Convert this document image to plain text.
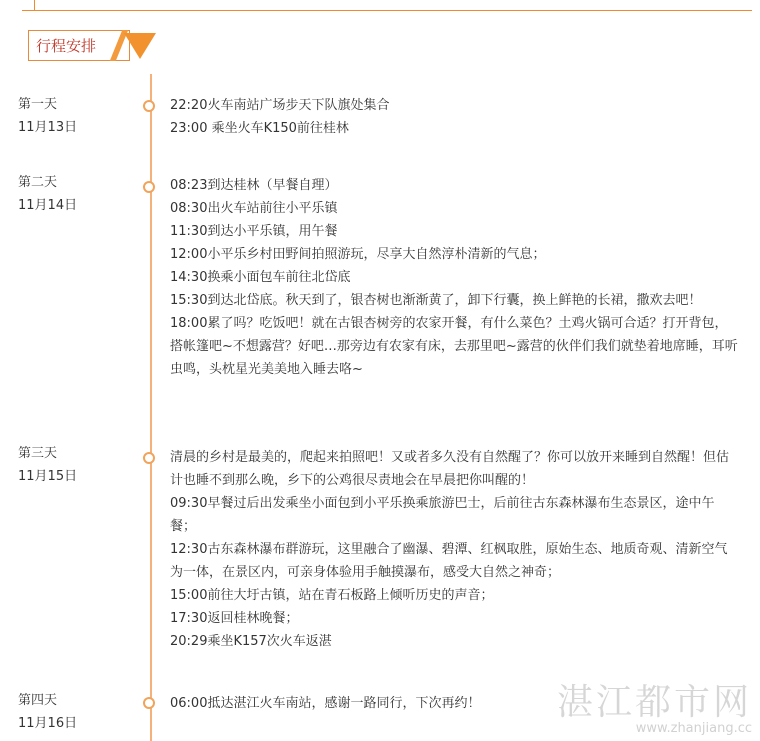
行程安排
第一天
11月13日
22:20火车南站广场步天下队旗处集合
23:00 乘坐火车K150前往桂林
第二天
11月14日
08:23到达桂林（早餐自理）
08:30出火车站前往小平乐镇
11:30到达小平乐镇，用午餐
12:00小平乐乡村田野间拍照游玩，尽享大自然淳朴清新的气息；
14:30换乘小面包车前往北岱底
15:30到达北岱底。秋天到了，银杏树也渐渐黄了，卸下行囊，换上鲜艳的长裙，撒欢去吧！
18:00累了吗？吃饭吧！就在古银杏树旁的农家开餐，有什么菜色？土鸡火锅可合适？打开背包，搭帐篷吧~不想露营？好吧…那旁边有农家有床，去那里吧~露营的伙伴们我们就垫着地席睡，耳听虫鸣，头枕星光美美地入睡去咯~
第三天
11月15日
清晨的乡村是最美的，爬起来拍照吧！又或者多久没有自然醒了？你可以放开来睡到自然醒！但估计也睡不到那么晚，乡下的公鸡很尽责地会在早晨把你叫醒的！
09:30早餐过后出发乘坐小面包到小平乐换乘旅游巴士，后前往古东森林瀑布生态景区，途中午餐；
12:30古东森林瀑布群游玩，这里融合了幽瀑、碧潭、红枫取胜，原始生态、地质奇观、清新空气为一体，在景区内，可亲身体验用手触摸瀑布，感受大自然之神奇；
15:00前往大圩古镇，站在青石板路上倾听历史的声音；
17:30返回桂林晚餐；
20:29乘坐K157次火车返湛
第四天
11月16日
06:00抵达湛江火车南站，感谢一路同行，下次再约！	湛江都市网
www.zhanjiang.cc
